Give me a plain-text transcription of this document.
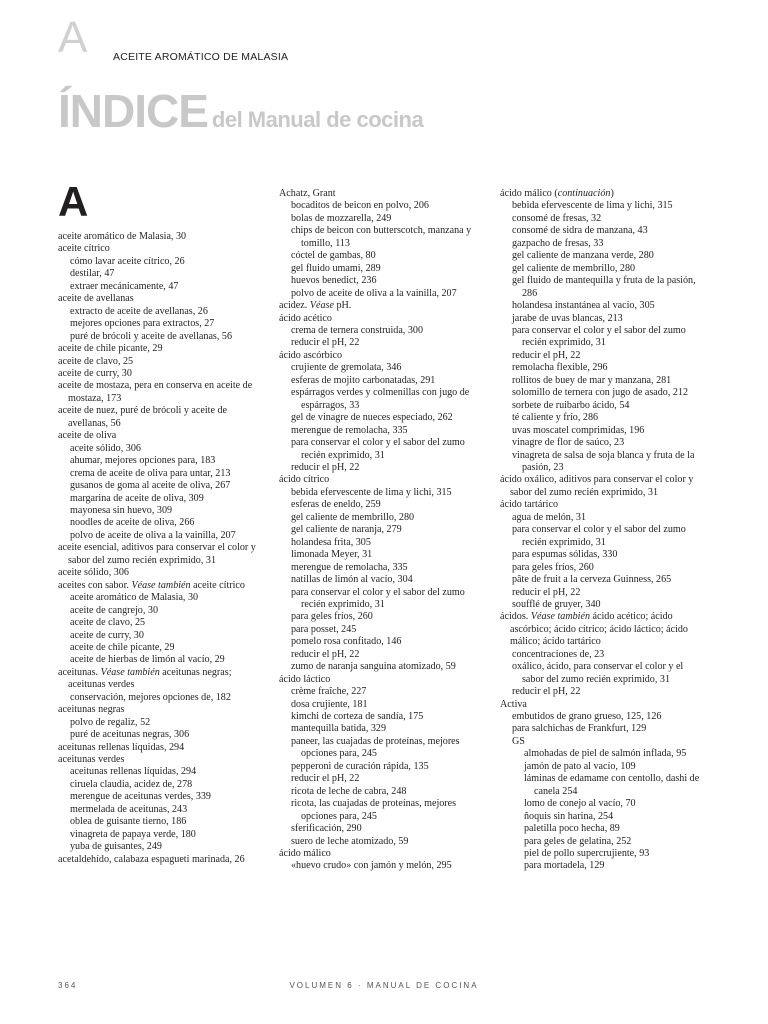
A ACEITE AROMÁTICO DE MALASIA
ÍNDICE del Manual de cocina
A
aceite aromático de Malasia, 30
aceite cítrico
cómo lavar aceite cítrico, 26
destilar, 47
extraer mecánicamente, 47
aceite de avellanas
extracto de aceite de avellanas, 26
mejores opciones para extractos, 27
puré de brócoli y aceite de avellanas, 56
aceite de chile picante, 29
aceite de clavo, 25
aceite de curry, 30
aceite de mostaza, pera en conserva en aceite de mostaza, 173
aceite de nuez, puré de brócoli y aceite de avellanas, 56
aceite de oliva
aceite sólido, 306
ahumar, mejores opciones para, 183
crema de aceite de oliva para untar, 213
gusanos de goma al aceite de oliva, 267
margarina de aceite de oliva, 309
mayonesa sin huevo, 309
noodles de aceite de oliva, 266
polvo de aceite de oliva a la vainilla, 207
aceite esencial, aditivos para conservar el color y sabor del zumo recién exprimido, 31
aceite sólido, 306
aceites con sabor. Véase también aceite cítrico
aceite aromático de Malasia, 30
aceite de cangrejo, 30
aceite de clavo, 25
aceite de curry, 30
aceite de chile picante, 29
aceite de hierbas de limón al vacío, 29
aceitunas. Véase también aceitunas negras; aceitunas verdes
conservación, mejores opciones de, 182
aceitunas negras
polvo de regaliz, 52
puré de aceitunas negras, 306
aceitunas rellenas líquidas, 294
aceitunas verdes
aceitunas rellenas líquidas, 294
ciruela claudia, acidez de, 278
merengue de aceitunas verdes, 339
mermelada de aceitunas, 243
oblea de guisante tierno, 186
vinagreta de papaya verde, 180
yuba de guisantes, 249
acetaldehído, calabaza espagueti marinada, 26
Achatz, Grant
bocaditos de beicon en polvo, 206
bolas de mozzarella, 249
chips de beicon con butterscotch, manzana y tomillo, 113
cóctel de gambas, 80
gel fluido umami, 289
huevos benedict, 236
polvo de aceite de oliva a la vainilla, 207
acidez. Véase pH.
ácido acético
crema de ternera construida, 300
reducir el pH, 22
ácido ascórbico
crujiente de gremolata, 346
esferas de mojito carbonatadas, 291
espárragos verdes y colmenillas con jugo de espárragos, 33
gel de vinagre de nueces especiado, 262
merengue de remolacha, 335
para conservar el color y el sabor del zumo recién exprimido, 31
reducir el pH, 22
ácido cítrico
bebida efervescente de lima y lichi, 315
esferas de eneldo, 259
gel caliente de membrillo, 280
gel caliente de naranja, 279
holandesa frita, 305
limonada Meyer, 31
merengue de remolacha, 335
natillas de limón al vacío, 304
para conservar el color y el sabor del zumo recién exprimido, 31
para geles fríos, 260
para posset, 245
pomelo rosa confitado, 146
reducir el pH, 22
zumo de naranja sanguina atomizado, 59
ácido láctico
crème fraîche, 227
dosa crujiente, 181
kimchi de corteza de sandía, 175
mantequilla batida, 329
paneer, las cuajadas de proteínas, mejores opciones para, 245
pepperoni de curación rápida, 135
reducir el pH, 22
ricota de leche de cabra, 248
ricota, las cuajadas de proteínas, mejores opciones para, 245
sferificación, 290
suero de leche atomizado, 59
ácido málico
«huevo crudo» con jamón y melón, 295
ácido málico (continuación)
bebida efervescente de lima y lichi, 315
consomé de fresas, 32
consomé de sidra de manzana, 43
gazpacho de fresas, 33
gel caliente de manzana verde, 280
gel caliente de membrillo, 280
gel fluido de mantequilla y fruta de la pasión, 286
holandesa instantánea al vacío, 305
jarabe de uvas blancas, 213
para conservar el color y el sabor del zumo recién exprimido, 31
reducir el pH, 22
remolacha flexible, 296
rollitos de buey de mar y manzana, 281
solomillo de ternera con jugo de asado, 212
sorbete de ruibarbo ácido, 54
té caliente y frío, 286
uvas moscatel comprimidas, 196
vinagre de flor de saúco, 23
vinagreta de salsa de soja blanca y fruta de la pasión, 23
ácido oxálico, aditivos para conservar el color y sabor del zumo recién exprimido, 31
ácido tartárico
agua de melón, 31
para conservar el color y el sabor del zumo recién exprimido, 31
para espumas sólidas, 330
para geles fríos, 260
pâte de fruit a la cerveza Guinness, 265
reducir el pH, 22
soufflé de gruyer, 340
ácidos. Véase también ácido acético; ácido ascórbico; ácido cítrico; ácido láctico; ácido málico; ácido tartárico
concentraciones de, 23
oxálico, ácido, para conservar el color y el sabor del zumo recién exprimido, 31
reducir el pH, 22
Activa
embutidos de grano grueso, 125, 126
para salchichas de Frankfurt, 129
GS
almohadas de piel de salmón inflada, 95
jamón de pato al vacío, 109
láminas de edamame con centollo, dashi de canela 254
lomo de conejo al vacío, 70
ñoquis sin harina, 254
paletilla poco hecha, 89
para geles de gelatina, 252
piel de pollo supercrujiente, 93
para mortadela, 129
364	VOLUMEN 6 · MANUAL DE COCINA
